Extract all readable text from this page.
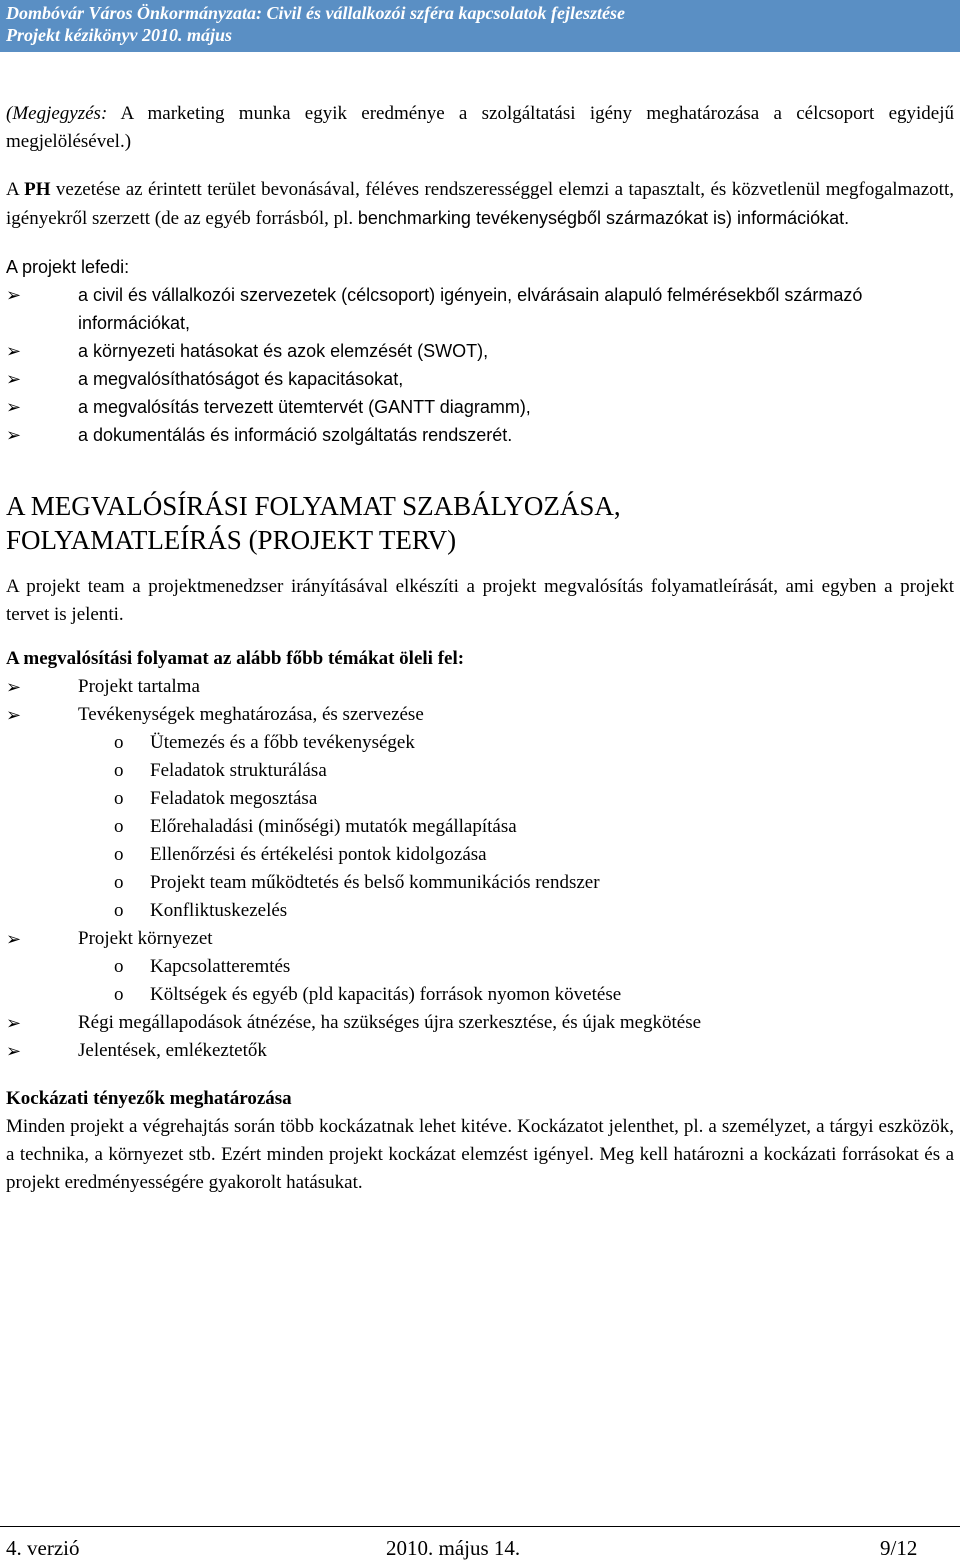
Dombóvár Város Önkormányzata: Civil és vállalkozói szféra kapcsolatok fejlesztése
Projekt kézikönyv 2010. május

(Megjegyzés: A marketing munka egyik eredménye a szolgáltatási igény meghatározása a célcsoport egyidejű megjelölésével.)

A PH vezetése az érintett terület bevonásával, féléves rendszerességgel elemzi a tapasztalt, és közvetlenül megfogalmazott, igényekről szerzett (de az egyéb forrásból, pl. benchmarking tevékenységből származókat is) információkat.

A projekt lefedi:

➢	a civil és vállalkozói szervezetek (célcsoport) igényein, elvárásain alapuló felmérésekből származó információkat,
➢	a környezeti hatásokat és azok elemzését (SWOT),
➢	a megvalósíthatóságot és kapacitásokat,
➢	a megvalósítás tervezett ütemtervét (GANTT diagramm),
➢	a dokumentálás és információ szolgáltatás rendszerét.
A MEGVALÓSÍRÁSI FOLYAMAT SZABÁLYOZÁSA,
FOLYAMATLEÍRÁS (PROJEKT TERV)

A projekt team a projektmenedzser irányításával elkészíti a projekt megvalósítás folyamatleírását, ami egyben a projekt tervet is jelenti.

A megvalósítási folyamat az alább főbb témákat öleli fel:

➢	Projekt tartalma
➢	Tevékenységek meghatározása, és szervezése
o Ütemezés és a főbb tevékenységek
o Feladatok strukturálása
o Feladatok megosztása
o Előrehaladási (minőségi) mutatók megállapítása
o Ellenőrzési és értékelési pontok kidolgozása
o Projekt team működtetés és belső kommunikációs rendszer
o Konfliktuskezelés
➢	Projekt környezet
o Kapcsolatteremtés
o Költségek és egyéb (pld kapacitás) források nyomon követése
➢	Régi megállapodások átnézése, ha szükséges újra szerkesztése, és újak megkötése
➢	Jelentések, emlékeztetők

Kockázati tényezők meghatározása

Minden projekt a végrehajtás során több kockázatnak lehet kitéve. Kockázatot jelenthet, pl. a személyzet, a tárgyi eszközök, a technika, a környezet stb. Ezért minden projekt kockázat elemzést igényel. Meg kell határozni a kockázati forrásokat és a projekt eredményességére gyakorolt hatásukat.

4. verzió	2010. május 14.	9/12
